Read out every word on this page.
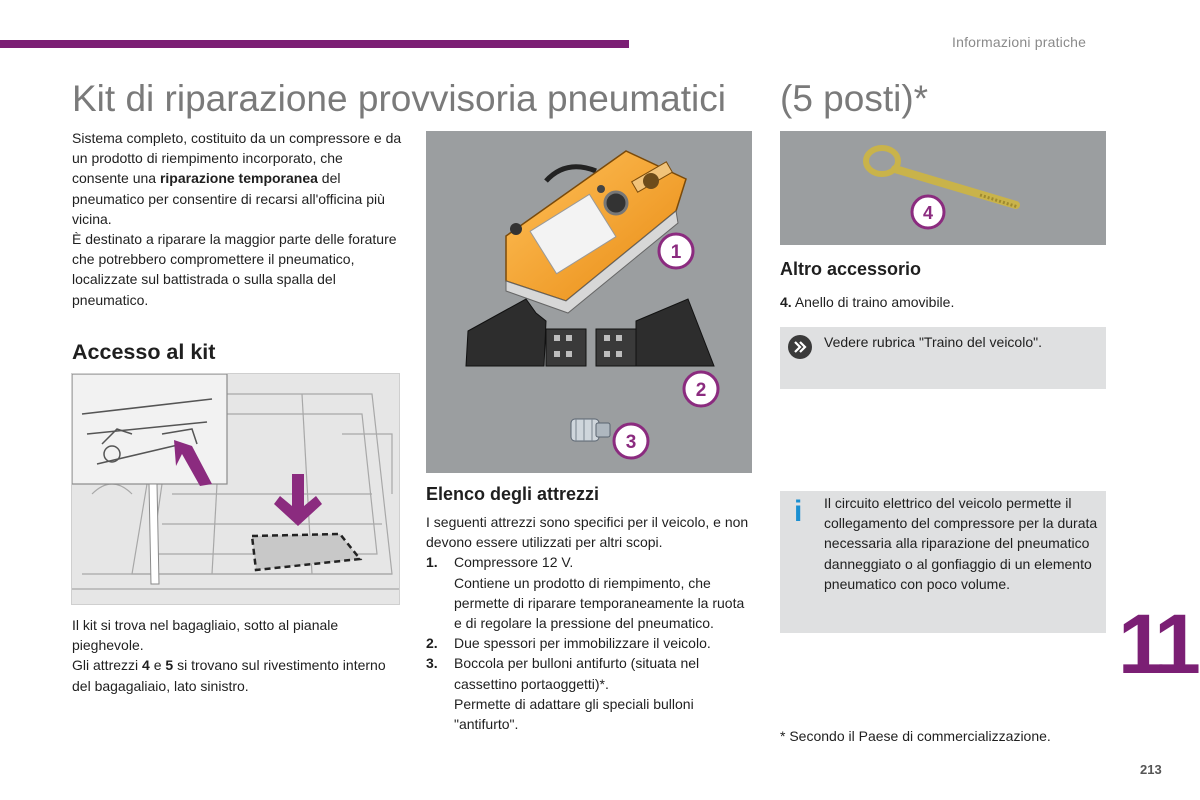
Informazioni pratiche
Kit di riparazione provvisoria pneumatici (5 posti)*
Sistema completo, costituito da un compressore e da un prodotto di riempimento incorporato, che consente una riparazione temporanea del pneumatico per consentire di recarsi all'officina più vicina.
È destinato a riparare la maggior parte delle forature che potrebbero compromettere il pneumatico, localizzate sul battistrada o sulla spalla del pneumatico.
Accesso al kit
Il kit si trova nel bagagliaio, sotto al pianale pieghevole.
Gli attrezzi 4 e 5 si trovano sul rivestimento interno del bagagaliaio, lato sinistro.
1
2
3
Elenco degli attrezzi
I seguenti attrezzi sono specifici per il veicolo, e non devono essere utilizzati per altri scopi.
1. Compressore 12 V.
Contiene un prodotto di riempimento, che permette di riparare temporaneamente la ruota e di regolare la pressione del pneumatico.
2. Due spessori per immobilizzare il veicolo.
3. Boccola per bulloni antifurto (situata nel cassettino portaoggetti)*.
Permette di adattare gli speciali bulloni "antifurto".
4
Altro accessorio
4. Anello di traino amovibile.
Vedere rubrica "Traino del veicolo".
i Il circuito elettrico del veicolo permette il collegamento del compressore per la durata necessaria alla riparazione del pneumatico danneggiato o al gonfiaggio di un elemento pneumatico con poco volume.
11
* Secondo il Paese di commercializzazione.
213
